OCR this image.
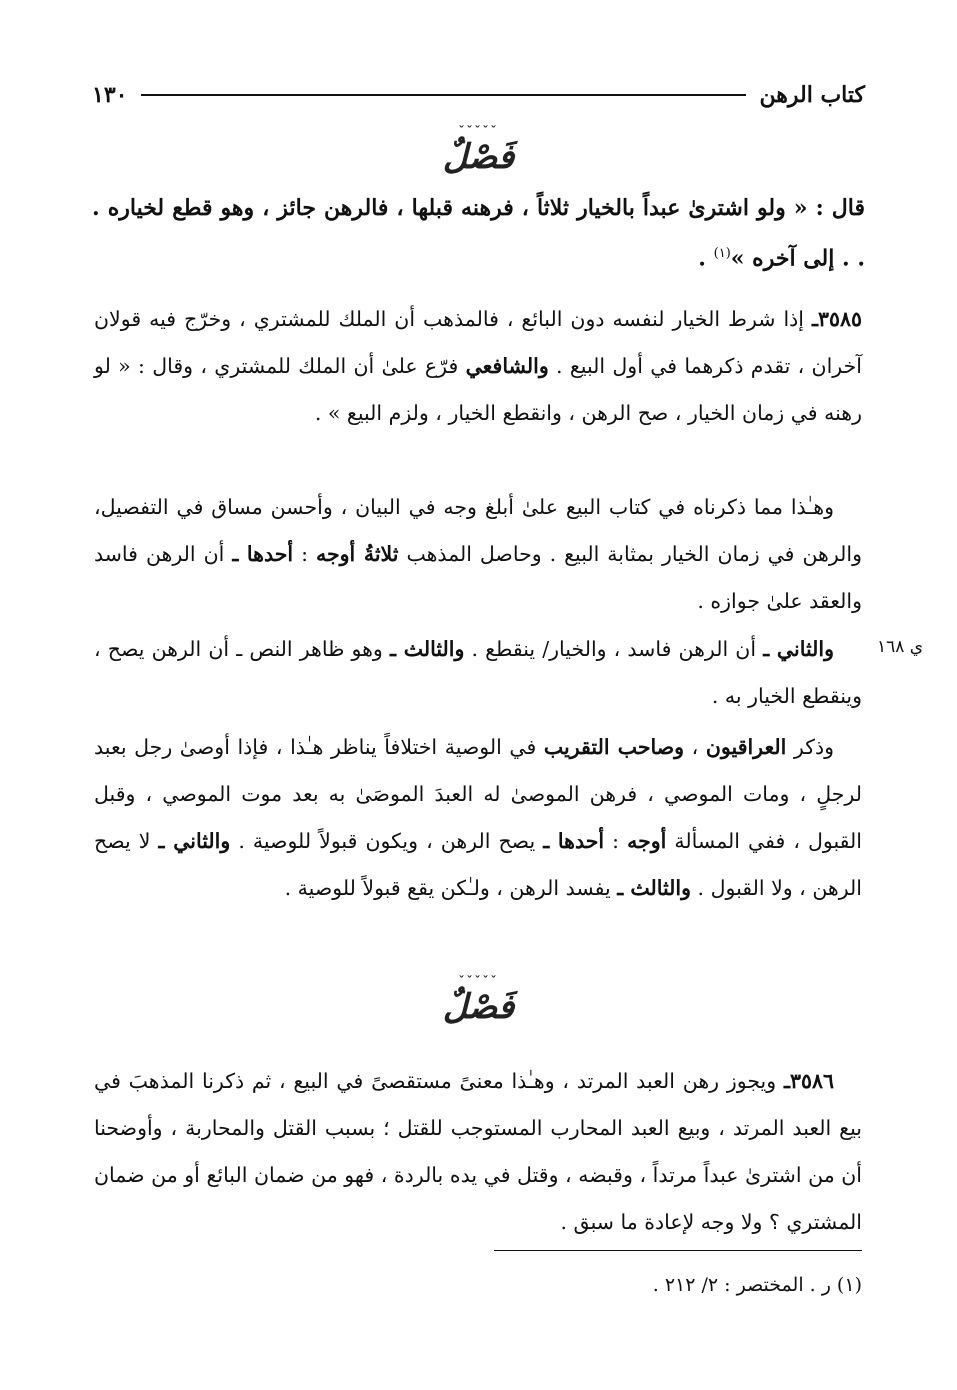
كتاب الرهن
١٣٠
ˇˇˇˇˇ
فَصْلٌ
قال : « ولو اشترىٰ عبداً بالخيار ثلاثاً ، فرهنه قبلها ، فالرهن جائز ، وهو قطع لخياره . . . إلى آخره »$^{(١)}$ .
٣٥٨٥ـ إذا شرط الخيار لنفسه دون البائع ، فالمذهب أن الملك للمشتري ، وخرّج فيه قولان آخران ، تقدم ذكرهما في أول البيع . والشافعي فرّع علىٰ أن الملك للمشتري ، وقال : « لو رهنه في زمان الخيار ، صح الرهن ، وانقطع الخيار ، ولزم البيع » .
وهـٰذا مما ذكرناه في كتاب البيع علىٰ أبلغ وجه في البيان ، وأحسن مساق في التفصيل، والرهن في زمان الخيار بمثابة البيع . وحاصل المذهب ثلاثةُ أوجه : أحدها ـ أن الرهن فاسد والعقد علىٰ جوازه .
ي ١٦٨
والثاني ـ أن الرهن فاسد ، والخيار/ ينقطع . والثالث ـ وهو ظاهر النص ـ أن الرهن يصح ، وينقطع الخيار به .
وذكر العراقيون ، وصاحب التقريب في الوصية اختلافاً يناظر هـٰذا ، فإذا أوصىٰ رجل بعبد لرجلٍ ، ومات الموصي ، فرهن الموصىٰ له العبدَ الموصَىٰ به بعد موت الموصي ، وقبل القبول ، ففي المسألة أوجه : أحدها ـ يصح الرهن ، ويكون قبولاً للوصية . والثاني ـ لا يصح الرهن ، ولا القبول . والثالث ـ يفسد الرهن ، ولـٰكن يقع قبولاً للوصية .
ˇˇˇˇˇ
فَصْلٌ
٣٥٨٦ـ ويجوز رهن العبد المرتد ، وهـٰذا معنىً مستقصىً في البيع ، ثم ذكرنا المذهبَ في بيع العبد المرتد ، وبيع العبد المحارب المستوجب للقتل ؛ بسبب القتل والمحاربة ، وأوضحنا أن من اشترىٰ عبداً مرتداً ، وقبضه ، وقتل في يده بالردة ، فهو من ضمان البائع أو من ضمان المشتري ؟ ولا وجه لإعادة ما سبق .
(١) ر . المختصر : ٢/ ٢١٢ .
